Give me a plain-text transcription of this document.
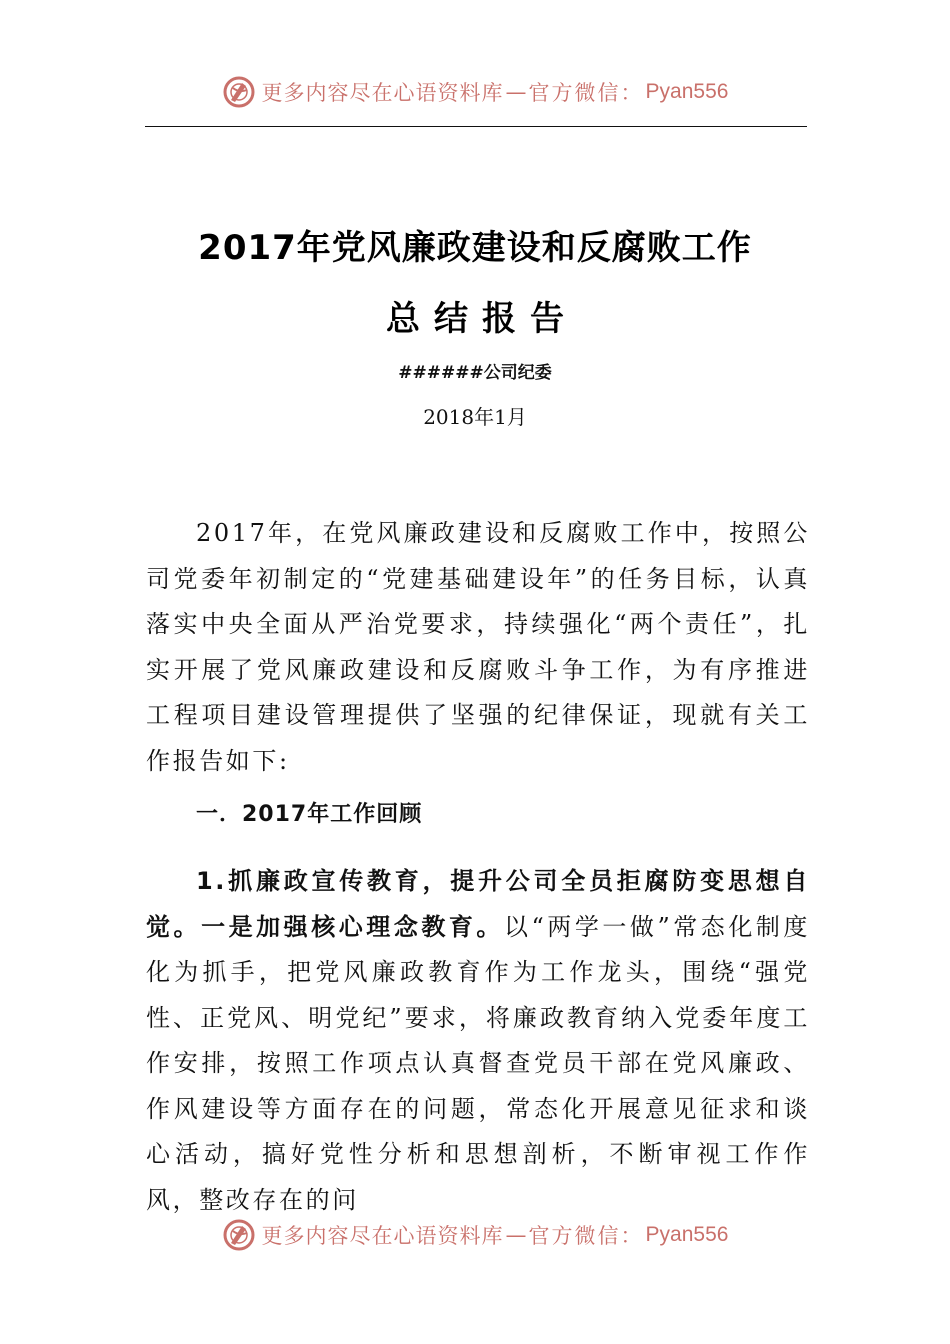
更多内容尽在心语资料库 — 官方微信： Pyan556
2017年党风廉政建设和反腐败工作
总结报告
######公司纪委
2018年1月

2017年，在党风廉政建设和反腐败工作中，按照公司党委年初制定的“党建基础建设年”的任务目标，认真落实中央全面从严治党要求，持续强化“两个责任”，扎实开展了党风廉政建设和反腐败斗争工作，为有序推进工程项目建设管理提供了坚强的纪律保证，现就有关工作报告如下:

一．2017年工作回顾

1.抓廉政宣传教育，提升公司全员拒腐防变思想自觉。一是加强核心理念教育。以“两学一做”常态化制度化为抓手，把党风廉政教育作为工作龙头，围绕“强党性、正党风、明党纪”要求，将廉政教育纳入党委年度工作安排，按照工作项点认真督查党员干部在党风廉政、作风建设等方面存在的问题，常态化开展意见征求和谈心活动，搞好党性分析和思想剖析，不断审视工作作风，整改存在的问

更多内容尽在心语资料库 — 官方微信： Pyan556
